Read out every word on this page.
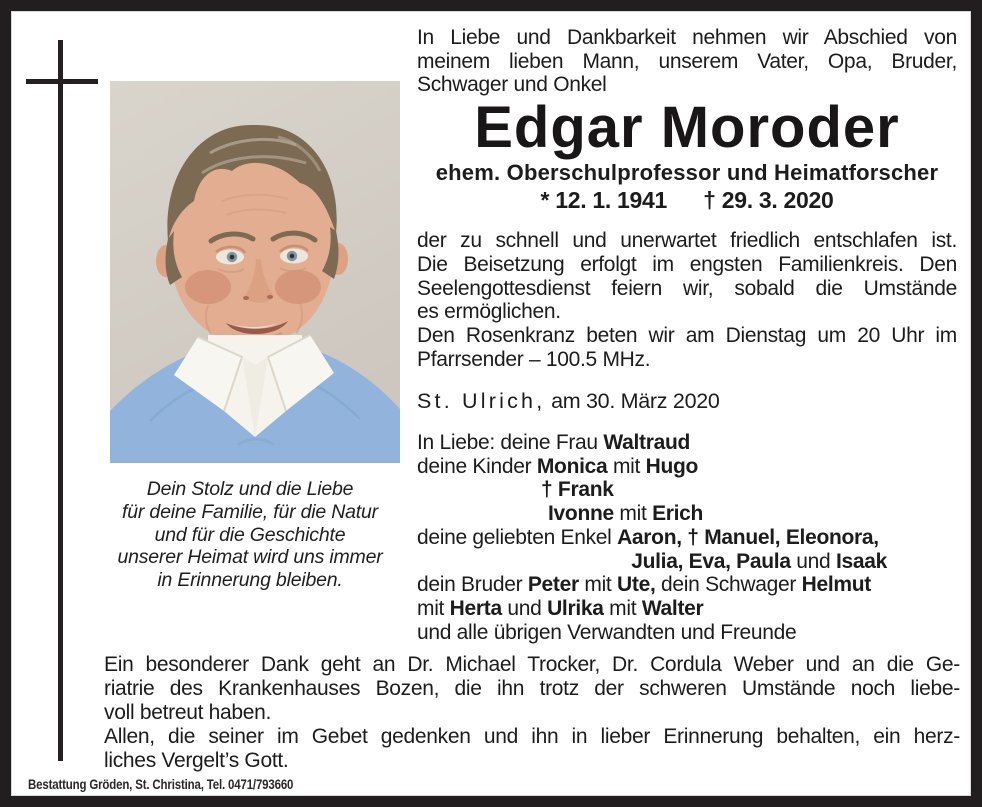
Dein Stolz und die Liebe
für deine Familie, für die Natur
und für die Geschichte
unserer Heimat wird uns immer
in Erinnerung bleiben.
In Liebe und Dankbarkeit nehmen wir Abschied von
meinem lieben Mann, unserem Vater, Opa, Bruder,
Schwager und Onkel
Edgar Moroder
ehem. Oberschulprofessor und Heimatforscher
* 12. 1. 1941 † 29. 3. 2020
der zu schnell und unerwartet friedlich entschlafen ist.
Die Beisetzung erfolgt im engsten Familienkreis. Den
Seelengottesdienst feiern wir, sobald die Umstände
es ermöglichen.
Den Rosenkranz beten wir am Dienstag um 20 Uhr im
Pfarrsender – 100.5 MHz.
St. Ulrich, am 30. März 2020
In Liebe: deine Frau Waltraud
deine Kinder Monica mit Hugo
† Frank
Ivonne mit Erich
deine geliebten Enkel Aaron, † Manuel, Eleonora,
Julia, Eva, Paula und Isaak
dein Bruder Peter mit Ute, dein Schwager Helmut
mit Herta und Ulrika mit Walter
und alle übrigen Verwandten und Freunde
Ein besonderer Dank geht an Dr. Michael Trocker, Dr. Cordula Weber und an die Ge-
riatrie des Krankenhauses Bozen, die ihn trotz der schweren Umstände noch liebe-
voll betreut haben.
Allen, die seiner im Gebet gedenken und ihn in lieber Erinnerung behalten, ein herz-
liches Vergelt’s Gott.
Bestattung Gröden, St. Christina, Tel. 0471/793660
